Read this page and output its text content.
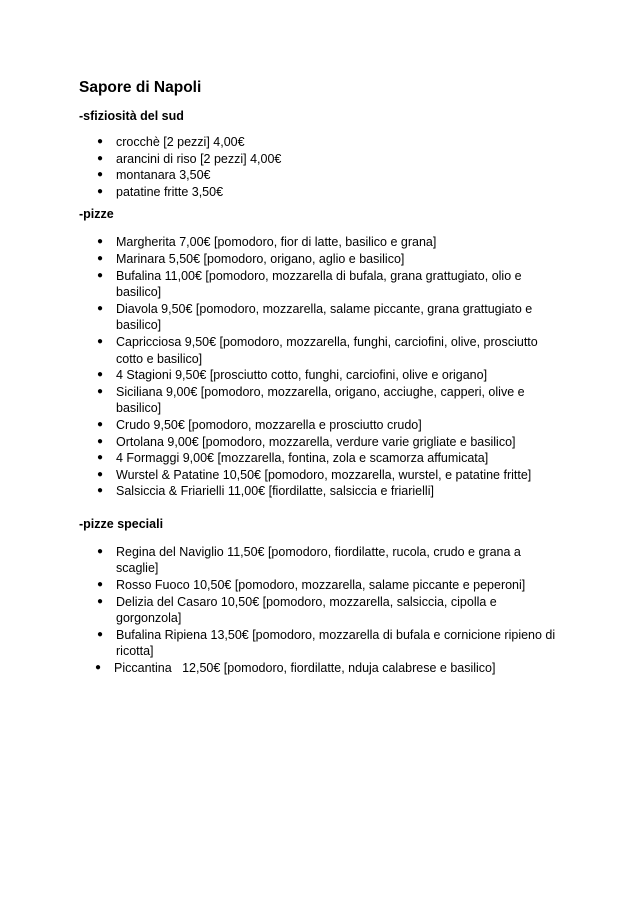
Sapore di Napoli
-sfiziosità del sud
● crocchè [2 pezzi] 4,00€
● arancini di riso [2 pezzi] 4,00€
● montanara 3,50€
● patatine fritte 3,50€
-pizze
● Margherita 7,00€ [pomodoro, fior di latte, basilico e grana]
● Marinara 5,50€ [pomodoro, origano, aglio e basilico]
● Bufalina 11,00€ [pomodoro, mozzarella di bufala, grana grattugiato, olio e basilico]
● Diavola 9,50€ [pomodoro, mozzarella, salame piccante, grana grattugiato e basilico]
● Capricciosa 9,50€ [pomodoro, mozzarella, funghi, carciofini, olive, prosciutto cotto e basilico]
● 4 Stagioni 9,50€ [prosciutto cotto, funghi, carciofini, olive e origano]
● Siciliana 9,00€ [pomodoro, mozzarella, origano, acciughe, capperi, olive e basilico]
● Crudo 9,50€ [pomodoro, mozzarella e prosciutto crudo]
● Ortolana 9,00€ [pomodoro, mozzarella, verdure varie grigliate e basilico]
● 4 Formaggi 9,00€ [mozzarella, fontina, zola e scamorza affumicata]
● Wurstel & Patatine 10,50€ [pomodoro, mozzarella, wurstel, e patatine fritte]
● Salsiccia & Friarielli 11,00€ [fiordilatte, salsiccia e friarielli]
-pizze speciali
● Regina del Naviglio 11,50€ [pomodoro, fiordilatte, rucola, crudo e grana a scaglie]
● Rosso Fuoco 10,50€ [pomodoro, mozzarella, salame piccante e peperoni]
● Delizia del Casaro 10,50€ [pomodoro, mozzarella, salsiccia, cipolla e gorgonzola]
● Bufalina Ripiena 13,50€ [pomodoro, mozzarella di bufala e cornicione ripieno di ricotta]
● Piccantina   12,50€ [pomodoro, fiordilatte, nduja calabrese e basilico]
